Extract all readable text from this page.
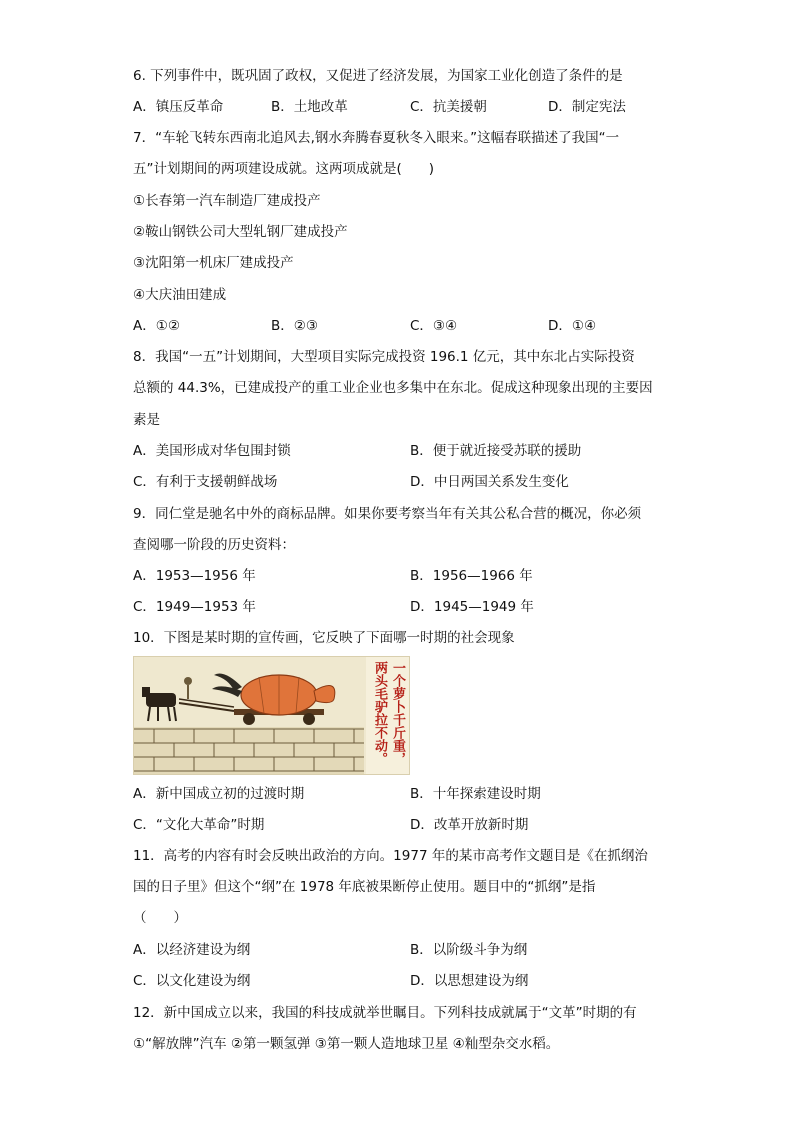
6. 下列事件中，既巩固了政权，又促进了经济发展，为国家工业化创造了条件的是
A．镇压反革命	B．土地改革	C．抗美援朝	D．制定宪法
7．“车轮飞转东西南北追风去,钢水奔腾春夏秋冬入眼来。”这幅春联描述了我国“一
五”计划期间的两项建设成就。这两项成就是(　　)
①长春第一汽车制造厂建成投产
②鞍山钢铁公司大型轧钢厂建成投产
③沈阳第一机床厂建成投产
④大庆油田建成
A．①②	B．②③	C．③④	D．①④
8．我国“一五”计划期间，大型项目实际完成投资 196.1 亿元，其中东北占实际投资
总额的 44.3%，已建成投产的重工业企业也多集中在东北。促成这种现象出现的主要因
素是
A．美国形成对华包围封锁	B．便于就近接受苏联的援助
C．有利于支援朝鲜战场	D．中日两国关系发生变化
9．同仁堂是驰名中外的商标品牌。如果你要考察当年有关其公私合营的概况，你必须
查阅哪一阶段的历史资料：
A．1953—1956 年	B．1956—1966 年
C．1949—1953 年	D．1945—1949 年
10．下图是某时期的宣传画，它反映了下面哪一时期的社会现象
一个萝卜千斤重，
两头毛驴拉不动。
A．新中国成立初的过渡时期	B．十年探索建设时期
C．“文化大革命”时期	D．改革开放新时期
11．高考的内容有时会反映出政治的方向。1977 年的某市高考作文题目是《在抓纲治
国的日子里》但这个“纲”在 1978 年底被果断停止使用。题目中的“抓纲”是指
（　　）
A．以经济建设为纲	B．以阶级斗争为纲
C．以文化建设为纲	D．以思想建设为纲
12．新中国成立以来，我国的科技成就举世瞩目。下列科技成就属于“文革”时期的有
①“解放牌”汽车 ②第一颗氢弹 ③第一颗人造地球卫星 ④籼型杂交水稻。
